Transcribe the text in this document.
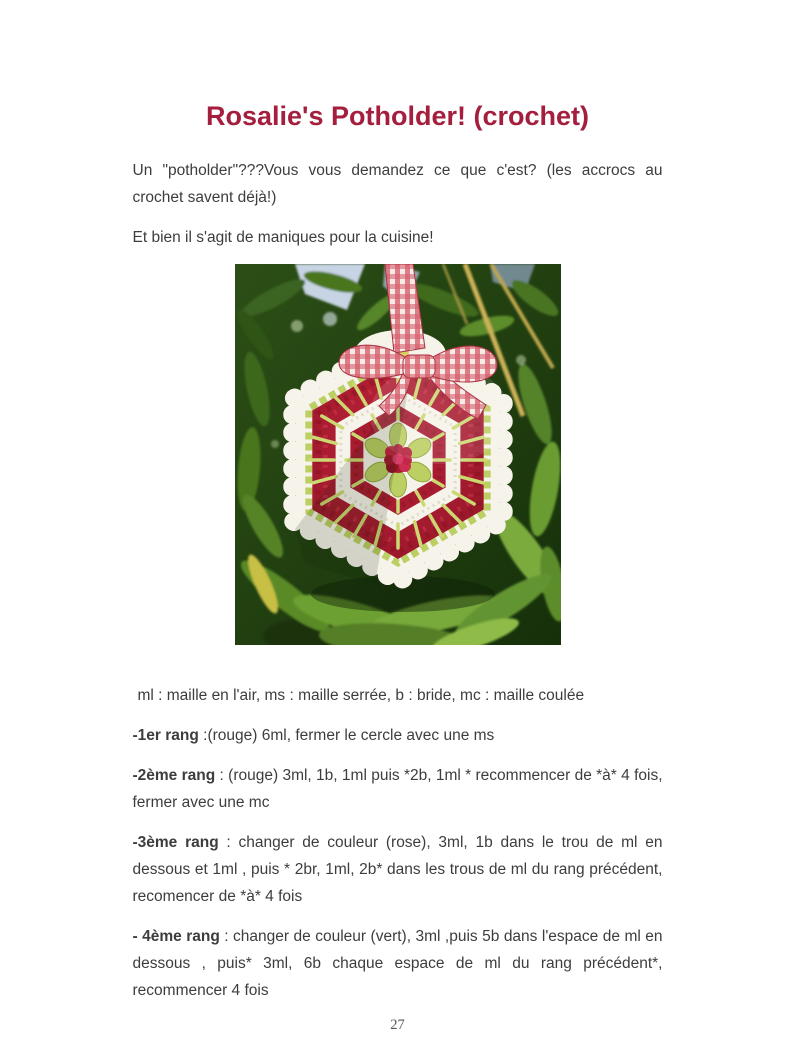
Rosalie's Potholder! (crochet)

Un "potholder"???Vous vous demandez ce que c'est? (les accrocs au crochet savent déjà!)

Et bien il s'agit de maniques pour la cuisine!

ml : maille en l'air, ms : maille serrée, b : bride, mc : maille coulée

-1er rang :(rouge) 6ml, fermer le cercle avec une ms

-2ème rang : (rouge) 3ml, 1b, 1ml puis *2b, 1ml * recommencer de *à* 4 fois, fermer avec une mc

-3ème rang : changer de couleur (rose), 3ml, 1b dans le trou de ml en dessous et 1ml , puis * 2br, 1ml, 2b* dans les trous de ml du rang précédent, recomencer de *à* 4 fois

- 4ème rang : changer de couleur (vert), 3ml ,puis 5b dans l'espace de ml en dessous , puis* 3ml, 6b chaque espace de ml du rang précédent*, recommencer 4 fois

27
